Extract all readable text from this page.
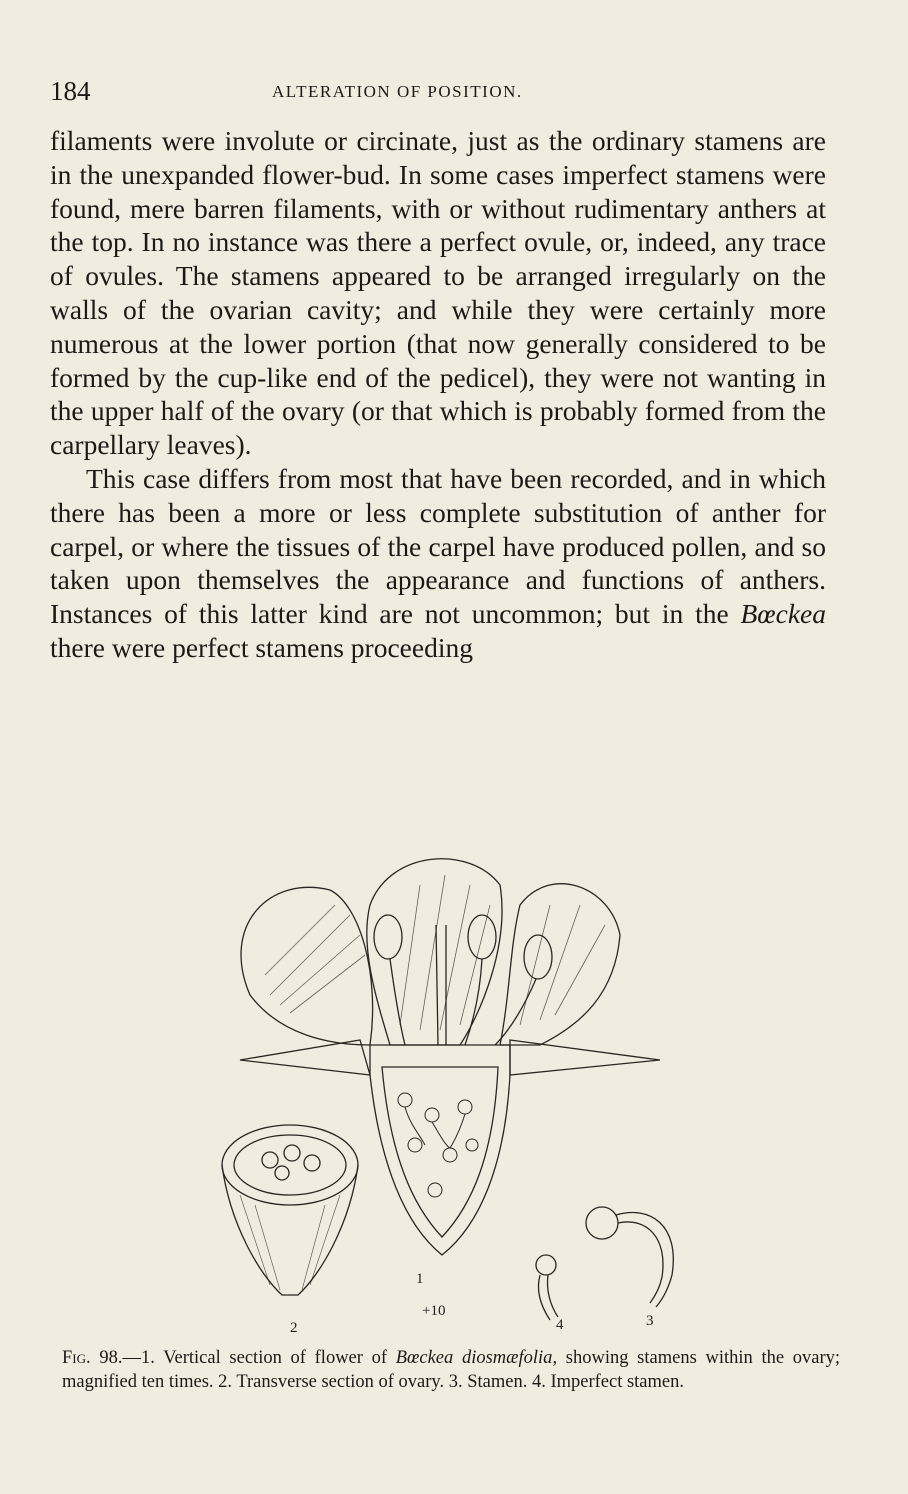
184	ALTERATION OF POSITION.

filaments were involute or circinate, just as the ordinary stamens are in the unexpanded flower-bud. In some cases imperfect stamens were found, mere barren filaments, with or without rudimentary anthers at the top. In no instance was there a perfect ovule, or, indeed, any trace of ovules. The stamens appeared to be arranged irregularly on the walls of the ovarian cavity; and while they were certainly more numerous at the lower portion (that now generally considered to be formed by the cup-like end of the pedicel), they were not wanting in the upper half of the ovary (or that which is probably formed from the carpellary leaves).

This case differs from most that have been recorded, and in which there has been a more or less complete substitution of anther for carpel, or where the tissues of the carpel have produced pollen, and so taken upon themselves the appearance and functions of anthers. Instances of this latter kind are not uncommon; but in the Bœckea there were perfect stamens proceeding

1
+10
2	3
4
Fig. 98.—1. Vertical section of flower of Bœckea diosmæfolia, showing stamens within the ovary; magnified ten times. 2. Transverse section of ovary. 3. Stamen. 4. Imperfect stamen.
